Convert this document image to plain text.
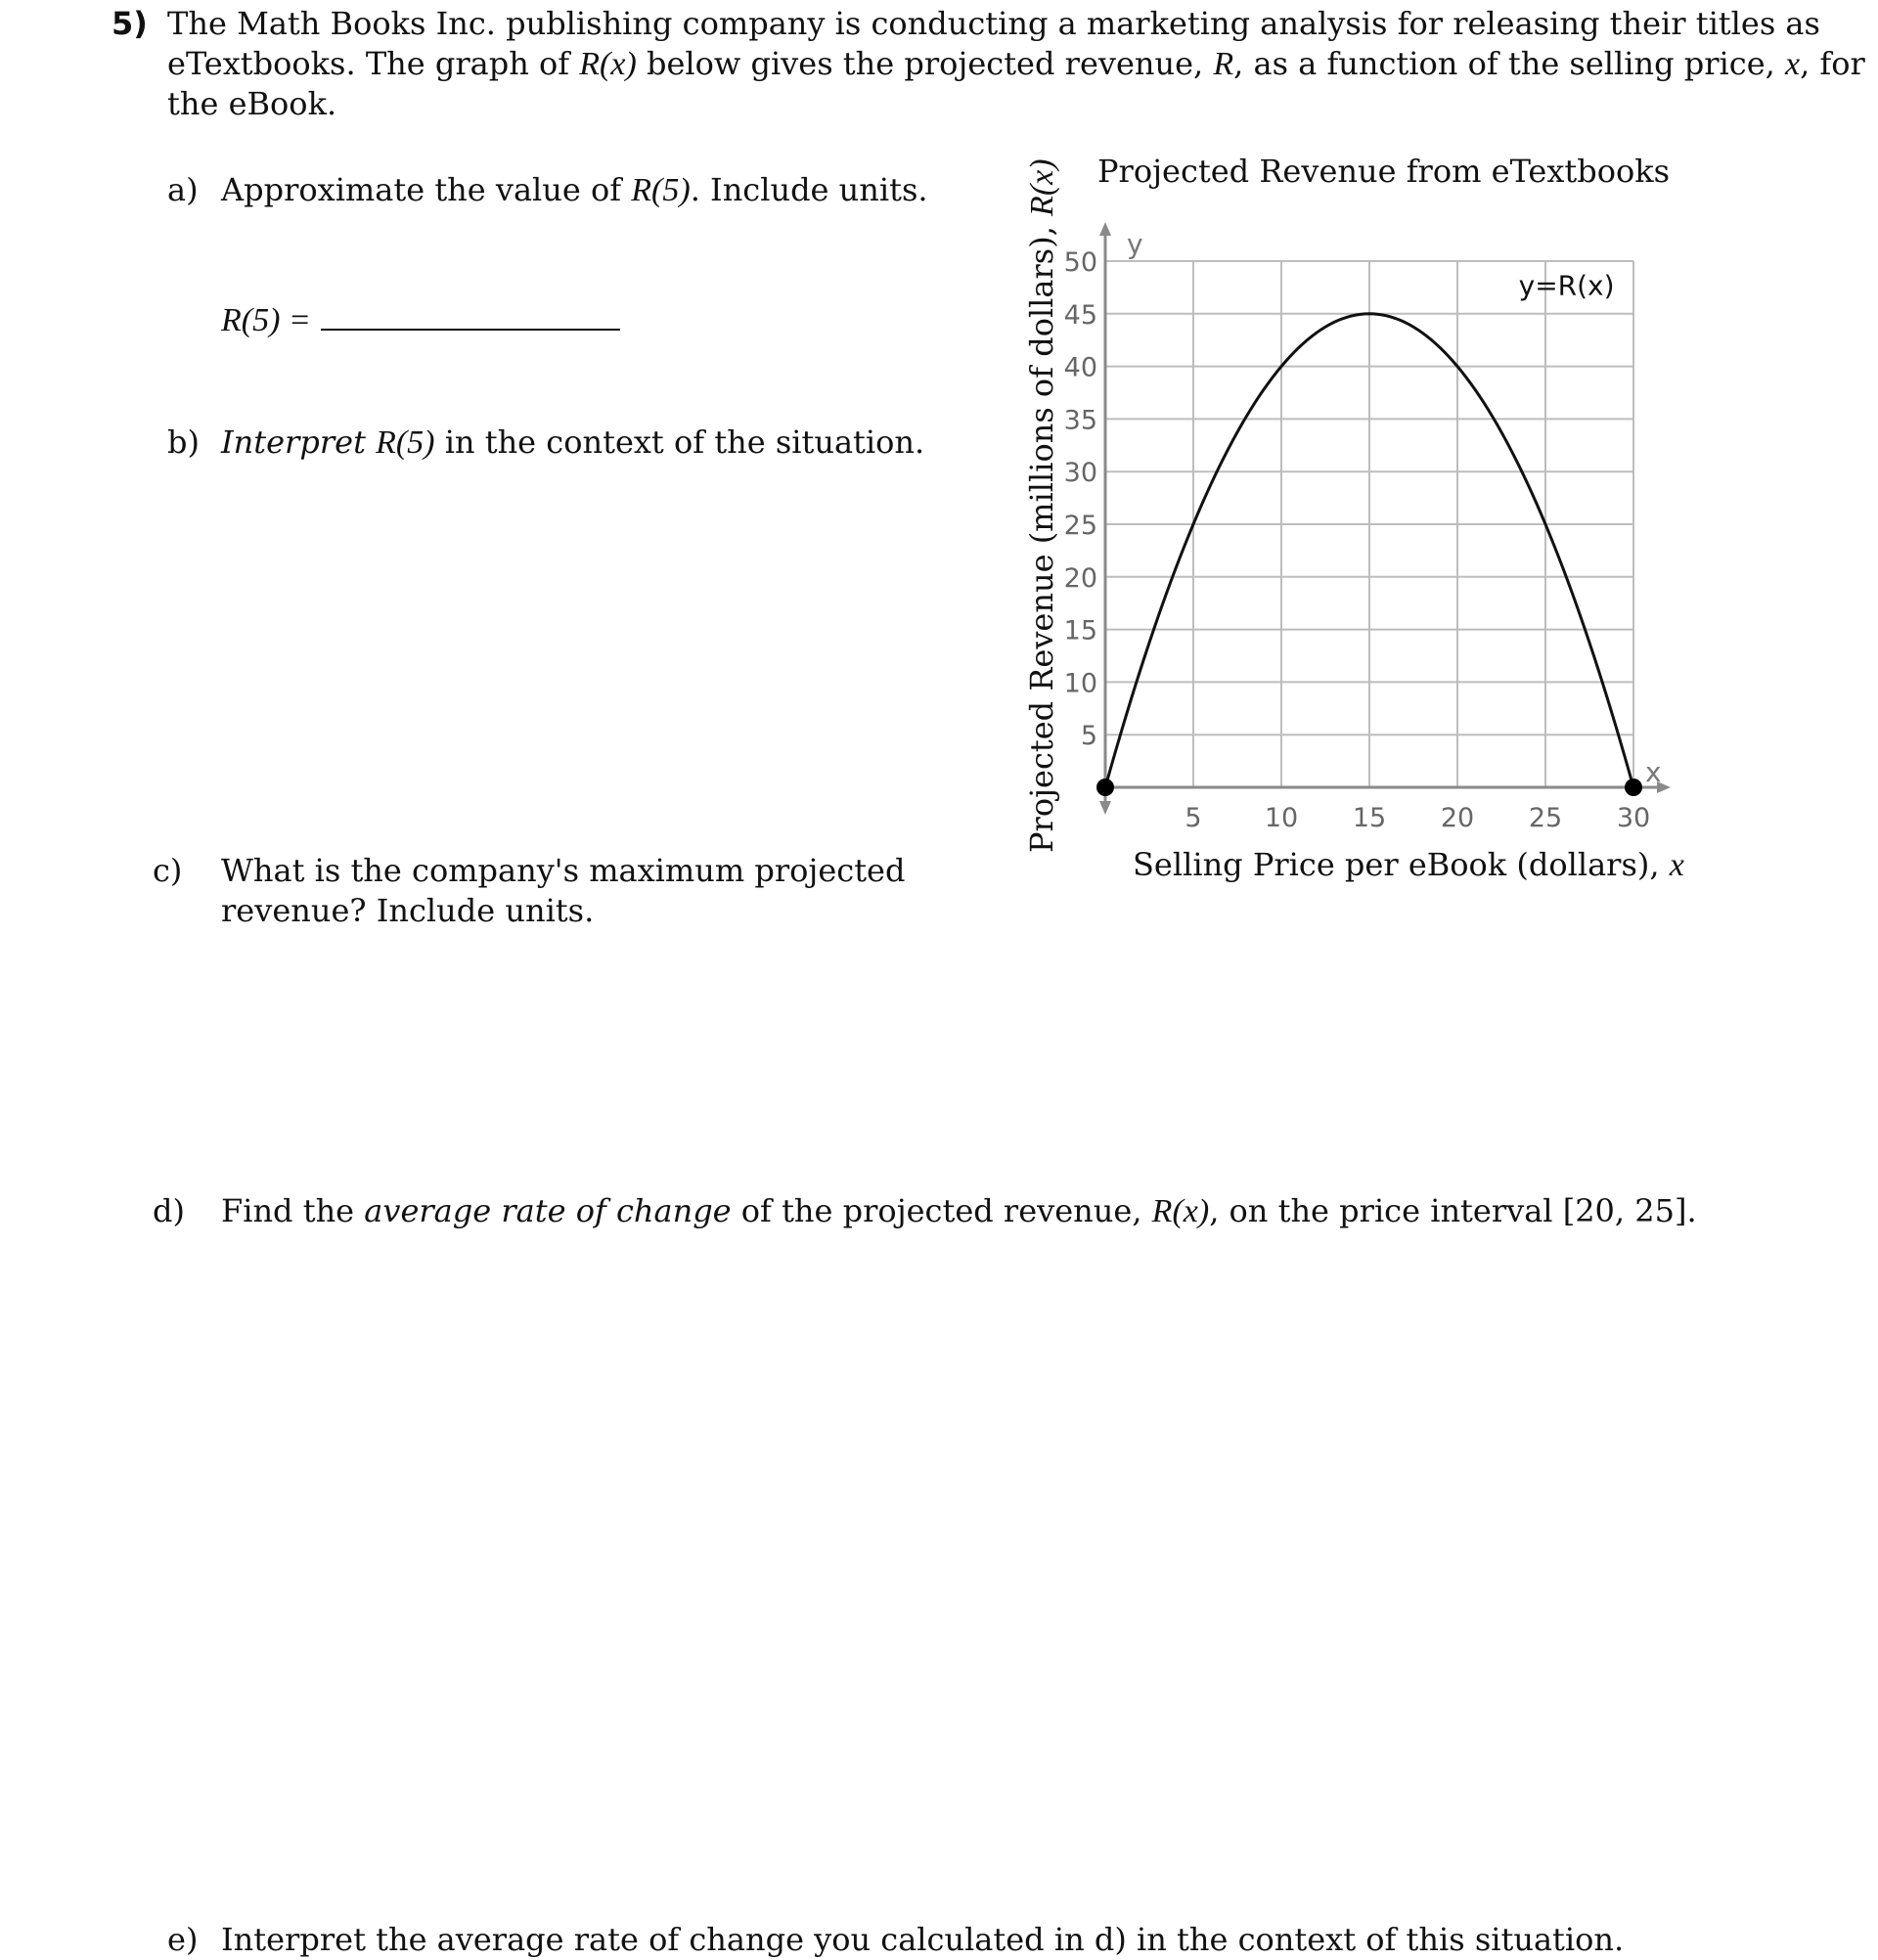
5) The Math Books Inc. publishing company is conducting a marketing analysis for releasing their titles as
eTextbooks. The graph of R(x) below gives the projected revenue, R, as a function of the selling price, x, for
the eBook.
a) Approximate the value of R(5). Include units.
R(5) =
b) Interpret R(5) in the context of the situation.
c) What is the company's maximum projected
revenue? Include units.
d) Find the average rate of change of the projected revenue, R(x), on the price interval [20, 25].
e) Interpret the average rate of change you calculated in d) in the context of this situation.
Projected Revenue from eTextbooks
Selling Price per eBook (dollars), x
Projected Revenue (millions of dollars), R(x)
5 10 15 20 25 30
5
10
15
20
25
30
35
40
45
50
y=R(x)
y
x
